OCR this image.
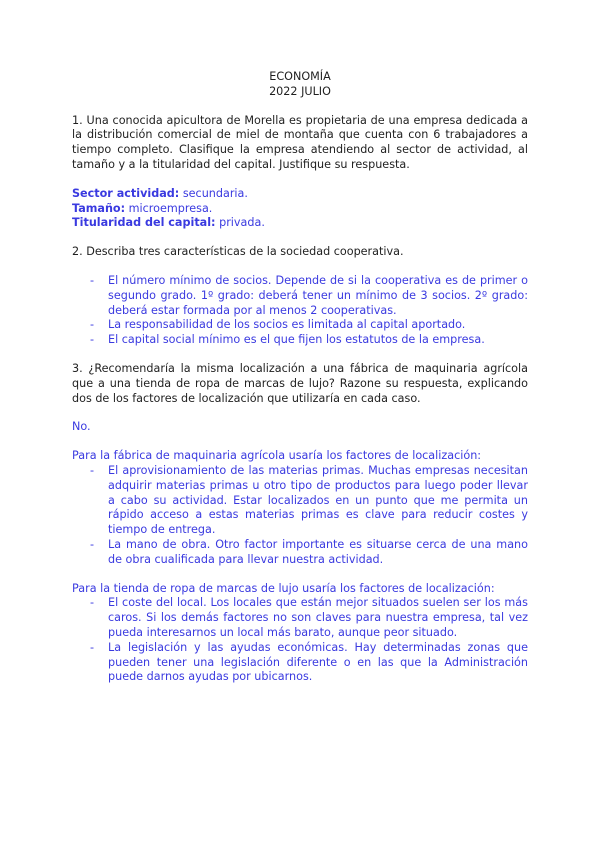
ECONOMÍA

2022 JULIO

1. Una conocida apicultora de Morella es propietaria de una empresa dedicada a la distribución comercial de miel de montaña que cuenta con 6 trabajadores a tiempo completo. Clasifique la empresa atendiendo al sector de actividad, al tamaño y a la titularidad del capital. Justifique su respuesta.

Sector actividad: secundaria.

Tamaño: microempresa.

Titularidad del capital: privada.

2. Describa tres características de la sociedad cooperativa.

- El número mínimo de socios. Depende de si la cooperativa es de primer o segundo grado. 1º grado: deberá tener un mínimo de 3 socios. 2º grado: deberá estar formada por al menos 2 cooperativas.
- La responsabilidad de los socios es limitada al capital aportado.
- El capital social mínimo es el que fijen los estatutos de la empresa.

3. ¿Recomendaría la misma localización a una fábrica de maquinaria agrícola que a una tienda de ropa de marcas de lujo? Razone su respuesta, explicando dos de los factores de localización que utilizaría en cada caso.

No.

Para la fábrica de maquinaria agrícola usaría los factores de localización:

- El aprovisionamiento de las materias primas. Muchas empresas necesitan adquirir materias primas u otro tipo de productos para luego poder llevar a cabo su actividad. Estar localizados en un punto que me permita un rápido acceso a estas materias primas es clave para reducir costes y tiempo de entrega.
- La mano de obra. Otro factor importante es situarse cerca de una mano de obra cualificada para llevar nuestra actividad.

Para la tienda de ropa de marcas de lujo usaría los factores de localización:

- El coste del local. Los locales que están mejor situados suelen ser los más caros. Si los demás factores no son claves para nuestra empresa, tal vez pueda interesarnos un local más barato, aunque peor situado.
- La legislación y las ayudas económicas. Hay determinadas zonas que pueden tener una legislación diferente o en las que la Administración puede darnos ayudas por ubicarnos.
